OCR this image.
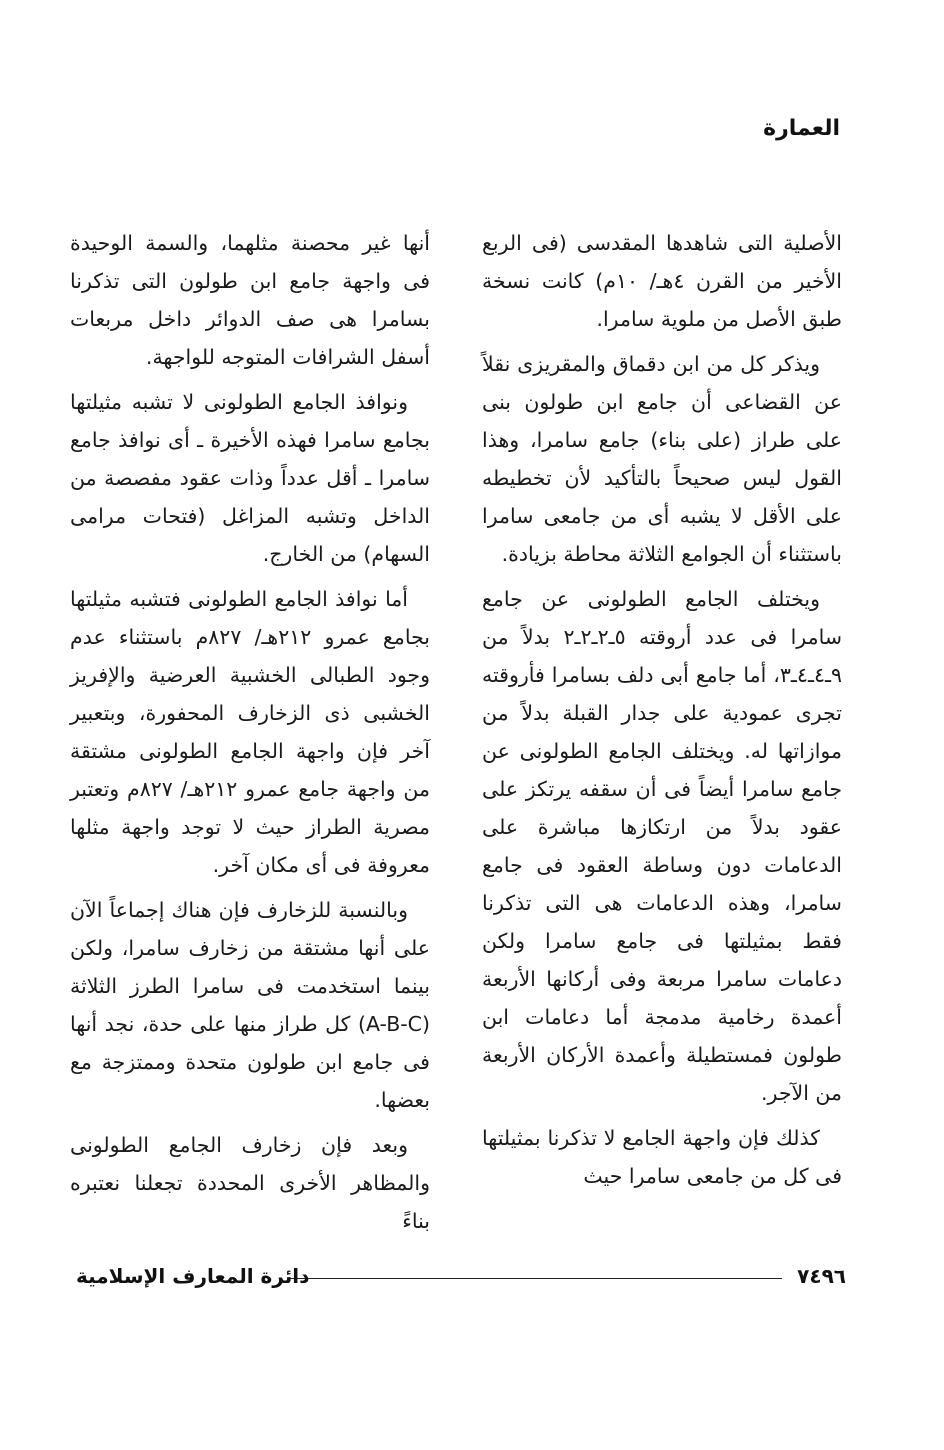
العمارة

الأصلية التى شاهدها المقدسى (فى الربع الأخير من القرن ٤هـ/ ١٠م) كانت نسخة طبق الأصل من ملوية سامرا.

ويذكر كل من ابن دقماق والمقريزى نقلاً عن القضاعى أن جامع ابن طولون بنى على طراز (على بناء) جامع سامرا، وهذا القول ليس صحيحاً بالتأكيد لأن تخطيطه على الأقل لا يشبه أى من جامعى سامرا باستثناء أن الجوامع الثلاثة محاطة بزيادة.

ويختلف الجامع الطولونى عن جامع سامرا فى عدد أروقته ٥ـ٢ـ٢ـ٢ بدلاً من ٩ـ٤ـ٤ـ٣، أما جامع أبى دلف بسامرا فأروقته تجرى عمودية على جدار القبلة بدلاً من موازاتها له. ويختلف الجامع الطولونى عن جامع سامرا أيضاً فى أن سقفه يرتكز على عقود بدلاً من ارتكازها مباشرة على الدعامات دون وساطة العقود فى جامع سامرا، وهذه الدعامات هى التى تذكرنا فقط بمثيلتها فى جامع سامرا ولكن دعامات سامرا مربعة وفى أركانها الأربعة أعمدة رخامية مدمجة أما دعامات ابن طولون فمستطيلة وأعمدة الأركان الأربعة من الآجر.

كذلك فإن واجهة الجامع لا تذكرنا بمثيلتها فى كل من جامعى سامرا حيث

أنها غير محصنة مثلهما، والسمة الوحيدة فى واجهة جامع ابن طولون التى تذكرنا بسامرا هى صف الدوائر داخل مربعات أسفل الشرافات المتوجه للواجهة.

ونوافذ الجامع الطولونى لا تشبه مثيلتها بجامع سامرا فهذه الأخيرة ـ أى نوافذ جامع سامرا ـ أقل عدداً وذات عقود مفصصة من الداخل وتشبه المزاغل (فتحات مرامى السهام) من الخارج.

أما نوافذ الجامع الطولونى فتشبه مثيلتها بجامع عمرو ٢١٢هـ/ ٨٢٧م باستثناء عدم وجود الطبالى الخشبية العرضية والإفريز الخشبى ذى الزخارف المحفورة، وبتعبير آخر فإن واجهة الجامع الطولونى مشتقة من واجهة جامع عمرو ٢١٢هـ/ ٨٢٧م وتعتبر مصرية الطراز حيث لا توجد واجهة مثلها معروفة فى أى مكان آخر.

وبالنسبة للزخارف فإن هناك إجماعاً الآن على أنها مشتقة من زخارف سامرا، ولكن بينما استخدمت فى سامرا الطرز الثلاثة (A-B-C) كل طراز منها على حدة، نجد أنها فى جامع ابن طولون متحدة وممتزجة مع بعضها.

وبعد فإن زخارف الجامع الطولونى والمظاهر الأخرى المحددة تجعلنا نعتبره بناءً

٧٤٩٦
دائرة المعارف الإسلامية
